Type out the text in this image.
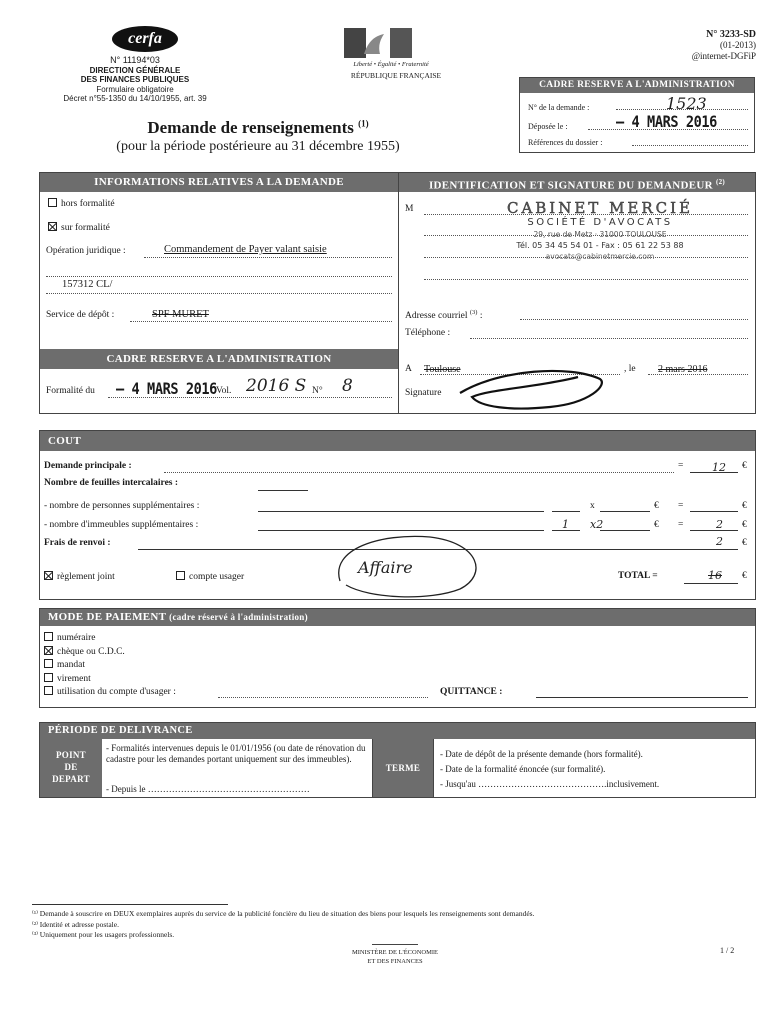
cerfa
N° 11194*03
DIRECTION GÉNÉRALE
DES FINANCES PUBLIQUES
Formulaire obligatoire
Décret n°55-1350 du 14/10/1955, art. 39
Liberté • Égalité • Fraternité
RÉPUBLIQUE FRANÇAISE
N° 3233-SD
(01-2013)
@internet-DGFiP
CADRE RESERVE A L'ADMINISTRATION
N° de la demande :	1523
Déposée le :	– 4 MARS 2016
Références du dossier :
Demande de renseignements $^{(1)}$
(pour la période postérieure au 31 décembre 1955)
INFORMATIONS RELATIVES A LA DEMANDE
hors formalité
sur formalité
Opération juridique :	Commandement de Payer valant saisie
157312 CL/
Service de dépôt :	SPF MURET
CADRE RESERVE A L'ADMINISTRATION
Formalité du – 4 MARS 2016 Vol. 2016 S N° 8
IDENTIFICATION ET SIGNATURE DU DEMANDEUR $^{(2)}$
M	CABINET MERCIÉ
SOCIÉTÉ D'AVOCATS
29, rue de Metz · 31000 TOULOUSE
Tél. 05 34 45 54 01 - Fax : 05 61 22 53 88
avocats@cabinetmercie.com
Adresse courriel $^{(3)}$ :
Téléphone :
A Toulouse	, le 2 mars 2016
Signature
COUT
Demande principale :	=	12 €
Nombre de feuilles intercalaires :
- nombre de personnes supplémentaires :	x	€ =	€
- nombre d'immeubles supplémentaires :	1 x2	€ =	2 €
Frais de renvoi :	2 €
règlement joint	compte usager	Affaire	TOTAL =	16 €
MODE DE PAIEMENT (cadre réservé à l'administration)
numéraire
chèque ou C.D.C.
mandat
virement
utilisation du compte d'usager :	QUITTANCE :
PÉRIODE DE DELIVRANCE
POINT
DE
DEPART
- Formalités intervenues depuis le 01/01/1956 (ou date de rénovation du cadastre pour les demandes portant uniquement sur des immeubles).
- Depuis le ………………………………………………
TERME
- Date de dépôt de la présente demande (hors formalité).
- Date de la formalité énoncée (sur formalité).
- Jusqu'au …………………………………….inclusivement.
⁽¹⁾ Demande à souscrire en DEUX exemplaires auprès du service de la publicité foncière du lieu de situation des biens pour lesquels les renseignements sont demandés.
⁽²⁾ Identité et adresse postale.
⁽³⁾ Uniquement pour les usagers professionnels.
MINISTÈRE DE L'ÉCONOMIE
ET DES FINANCES
1 / 2
